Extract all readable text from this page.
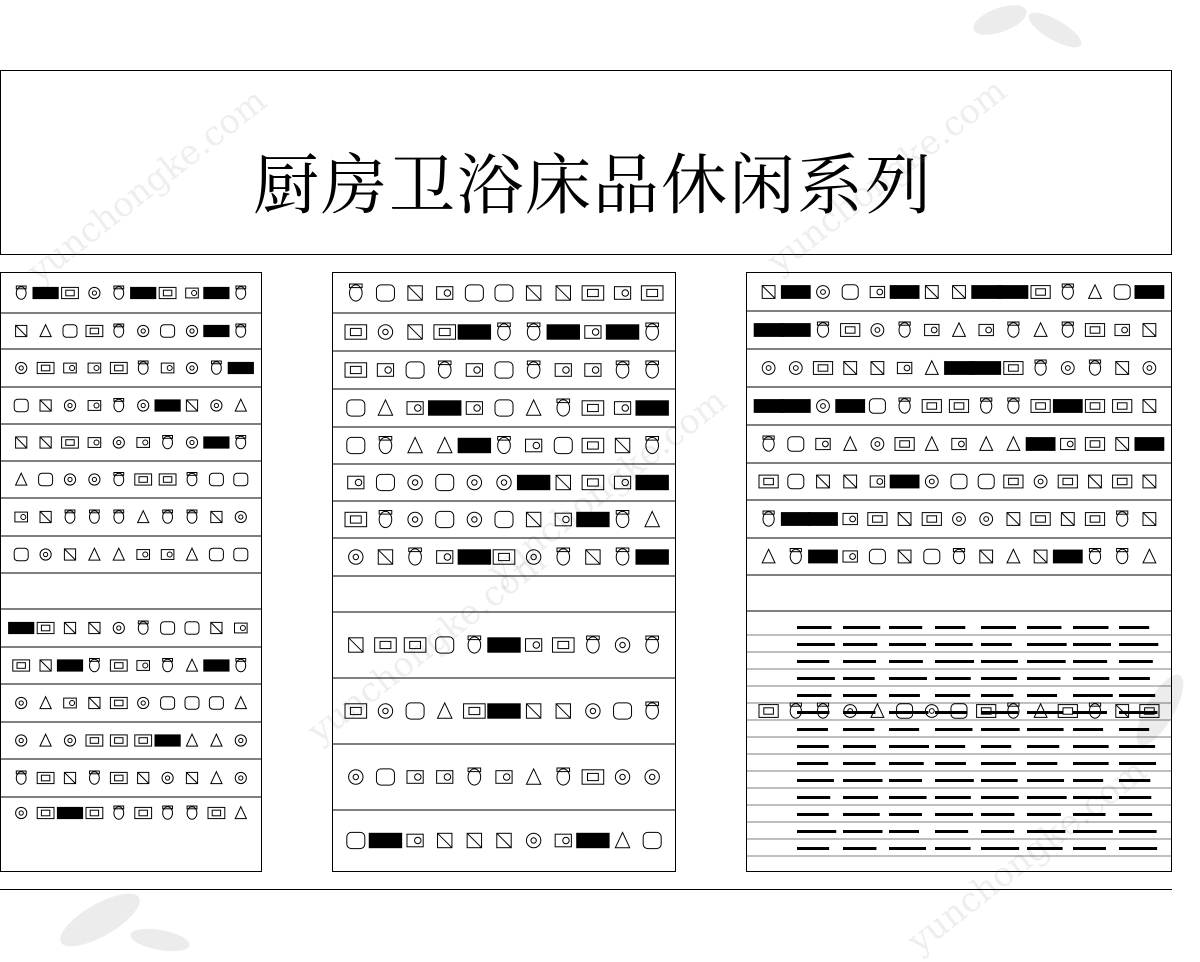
厨房卫浴床品休闲系列
yunchongke.com	yunchongke.com
yunchongke.com
yunchongke.com
yunchongke.com
